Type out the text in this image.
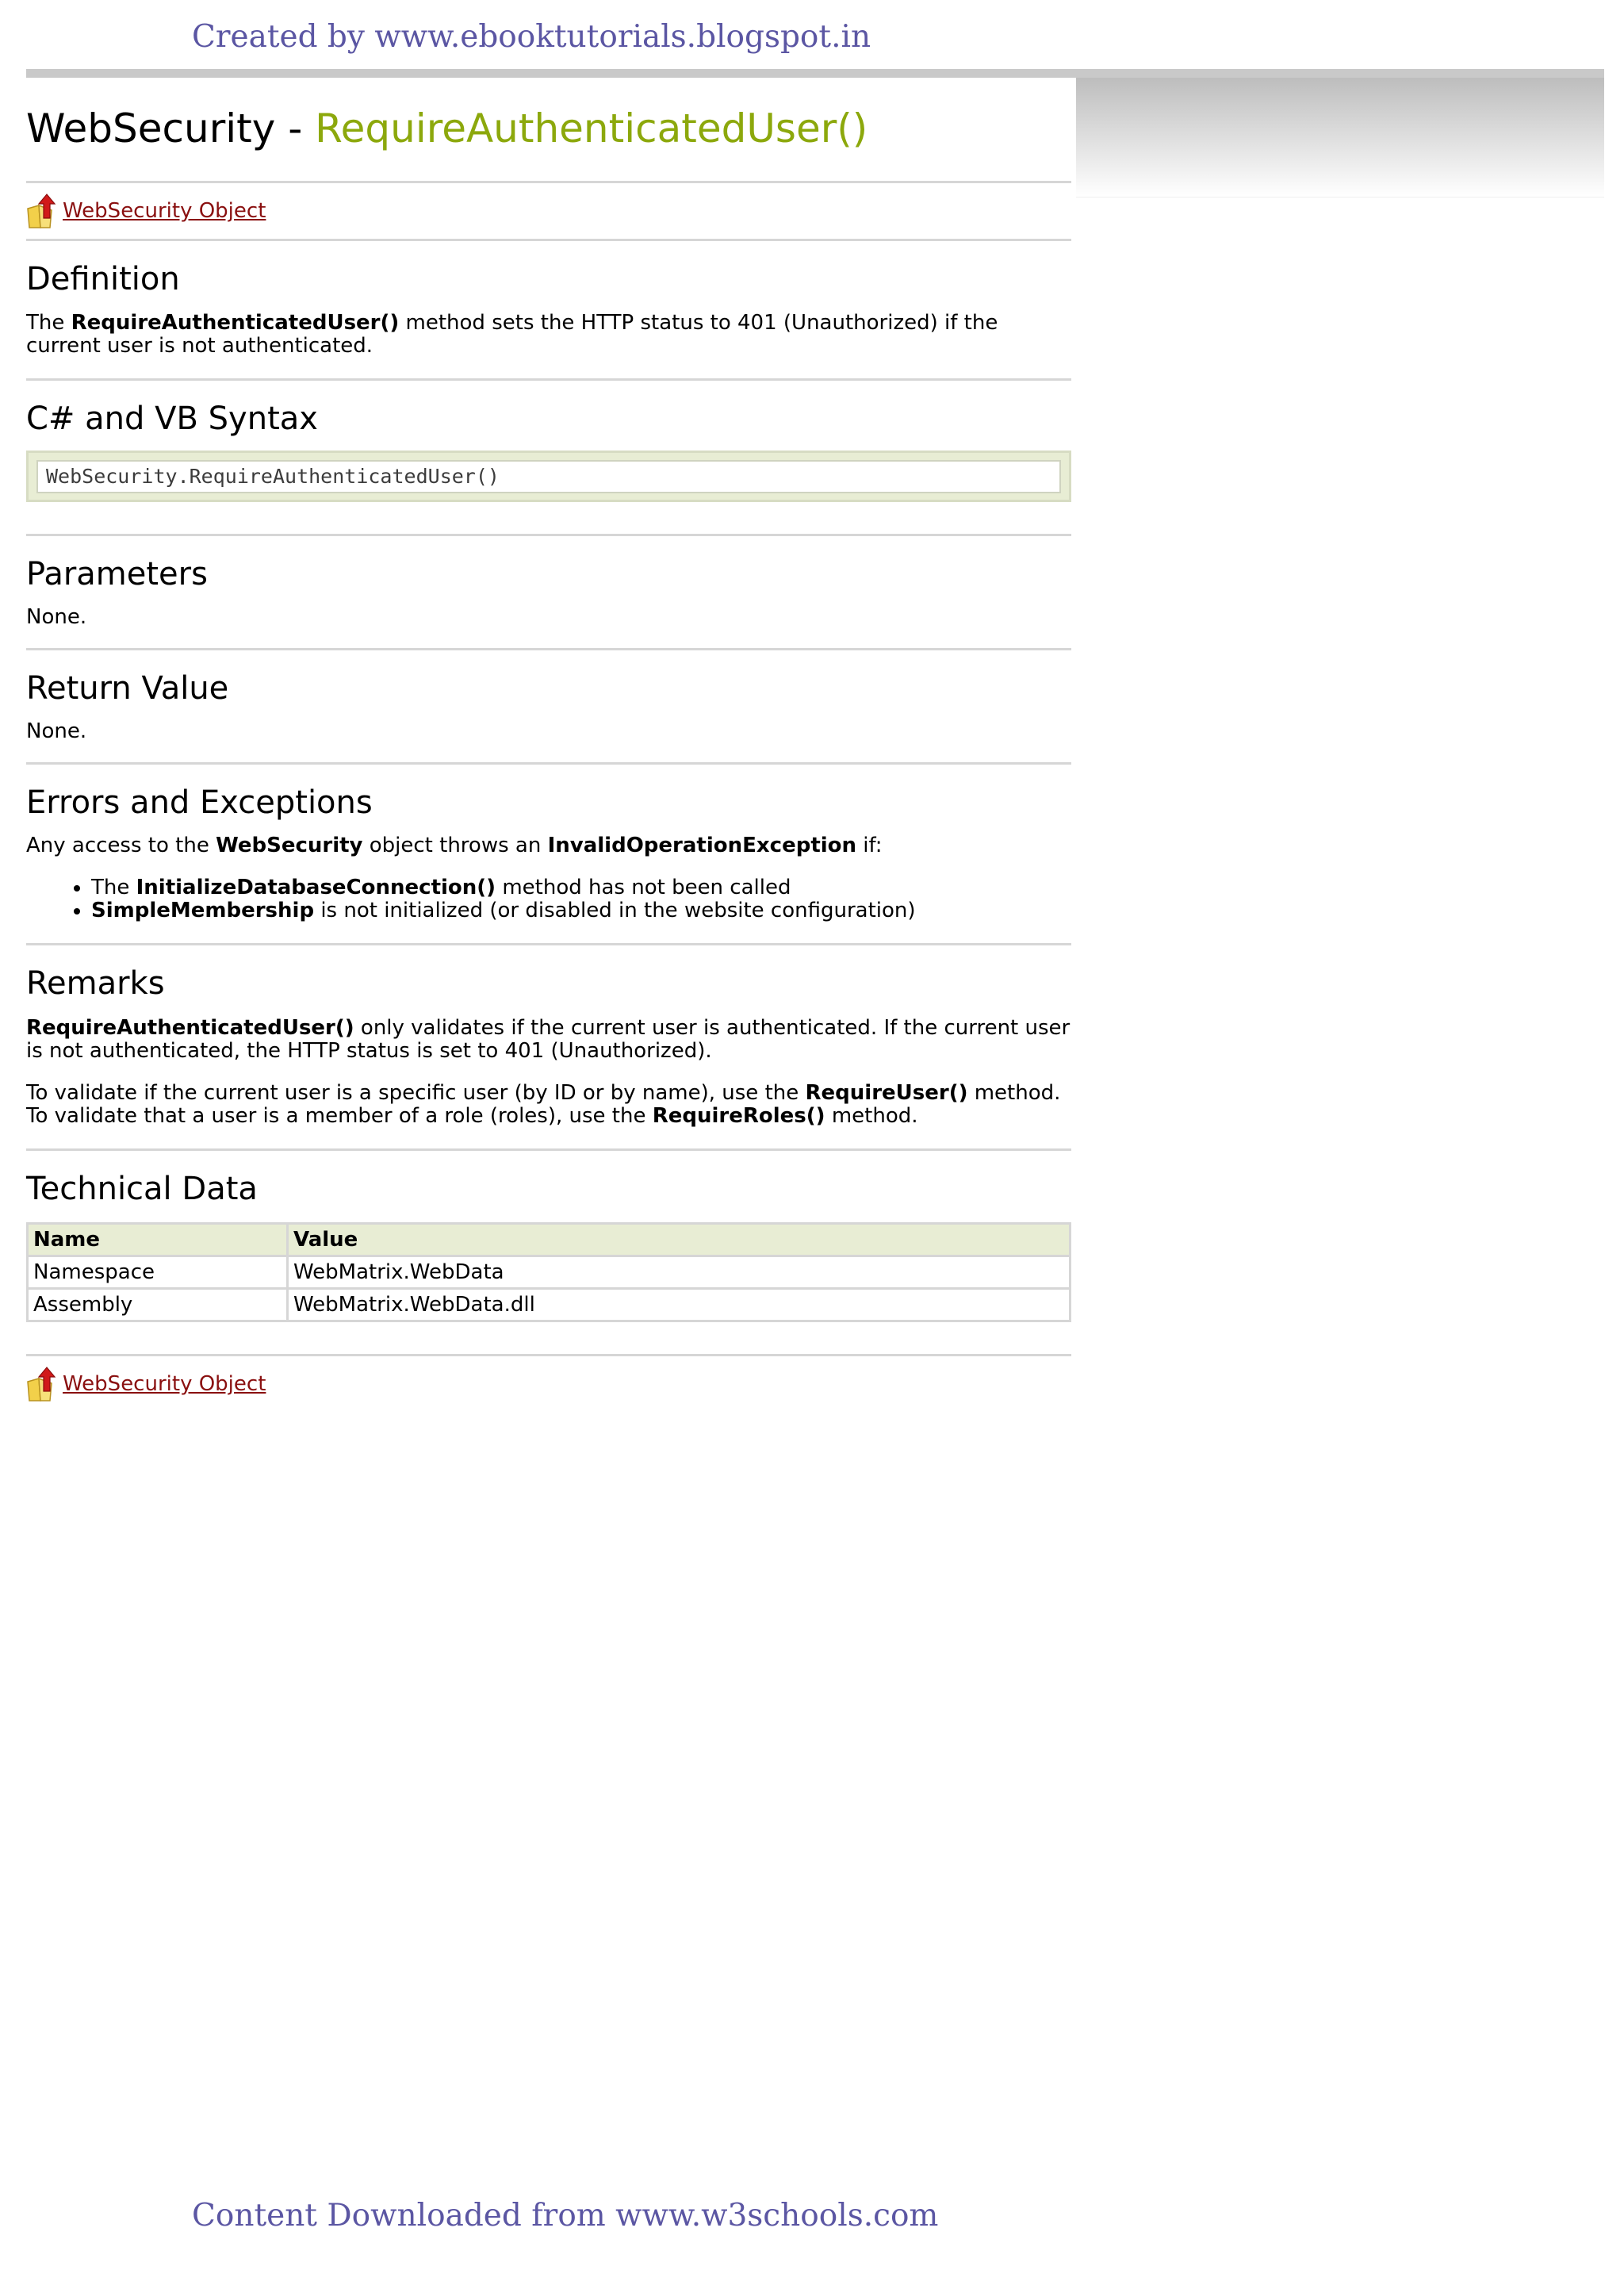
Created by www.ebooktutorials.blogspot.in
WebSecurity - RequireAuthenticatedUser()
WebSecurity Object
Definition

The RequireAuthenticatedUser() method sets the HTTP status to 401 (Unauthorized) if the current user is not authenticated.

C# and VB Syntax
WebSecurity.RequireAuthenticatedUser()
Parameters

None.

Return Value

None.

Errors and Exceptions

Any access to the WebSecurity object throws an InvalidOperationException if:

• The InitializeDatabaseConnection() method has not been called
• SimpleMembership is not initialized (or disabled in the website configuration)
Remarks

RequireAuthenticatedUser() only validates if the current user is authenticated. If the current user is not authenticated, the HTTP status is set to 401 (Unauthorized).

To validate if the current user is a specific user (by ID or by name), use the RequireUser() method. To validate that a user is a member of a role (roles), use the RequireRoles() method.

Technical Data
Name	Value
Namespace	WebMatrix.WebData
Assembly	WebMatrix.WebData.dll
WebSecurity Object
Content Downloaded from www.w3schools.com
